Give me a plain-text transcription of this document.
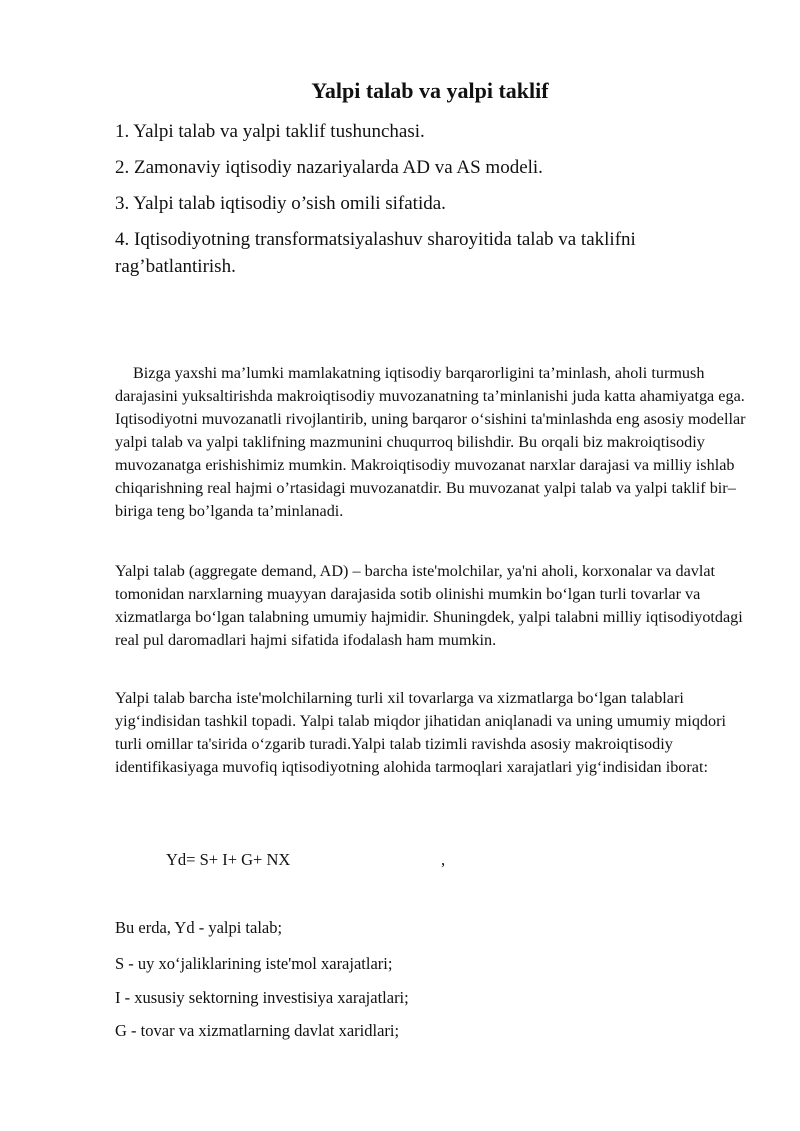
Yalpi talab va yalpi taklif

1. Yalpi talab va yalpi taklif tushunchasi.

2. Zamonaviy iqtisodiy nazariyalarda AD va AS modeli.

3. Yalpi talab iqtisodiy o’sish omili sifatida.

4. Iqtisodiyotning transformatsiyalashuv sharoyitida talab va taklifni rag’batlantirish.

Bizga yaxshi ma’lumki mamlakatning iqtisodiy barqarorligini ta’minlash, aholi turmush darajasini yuksaltirishda makroiqtisodiy muvozanatning ta’minlanishi juda katta ahamiyatga ega. Iqtisodiyotni muvozanatli rivojlantirib, uning barqaror o‘sishini ta'minlashda eng asosiy modellar yalpi talab va yalpi taklifning mazmunini chuqurroq bilishdir. Bu orqali biz makroiqtisodiy muvozanatga erishishimiz mumkin. Makroiqtisodiy muvozanat narxlar darajasi va milliy ishlab chiqarishning real hajmi o’rtasidagi muvozanatdir. Bu muvozanat yalpi talab va yalpi taklif bir–biriga teng bo’lganda ta’minlanadi.

Yalpi talab (aggregate demand, AD) – barcha iste'molchilar, ya'ni aholi, korxonalar va davlat tomonidan narxlarning muayyan darajasida sotib olinishi mumkin bo‘lgan turli tovarlar va xizmatlarga bo‘lgan talabning umumiy hajmidir. Shuningdek, yalpi talabni milliy iqtisodiyotdagi real pul daromadlari hajmi sifatida ifodalash ham mumkin.

Yalpi talab barcha iste'molchilarning turli xil tovarlarga va xizmatlarga bo‘lgan talablari yig‘indisidan tashkil topadi. Yalpi talab miqdor jihatidan aniqlanadi va uning umumiy miqdori turli omillar ta'sirida o‘zgarib turadi.Yalpi talab tizimli ravishda asosiy makroiqtisodiy identifikasiyaga muvofiq iqtisodiyotning alohida tarmoqlari xarajatlari yig‘indisidan iborat:

Yd= S+ I+ G+ NX	,

Bu erda, Yd - yalpi talab;

S - uy xo‘jaliklarining iste'mol xarajatlari;

I - xususiy sektorning investisiya xarajatlari;

G - tovar va xizmatlarning davlat xaridlari;
